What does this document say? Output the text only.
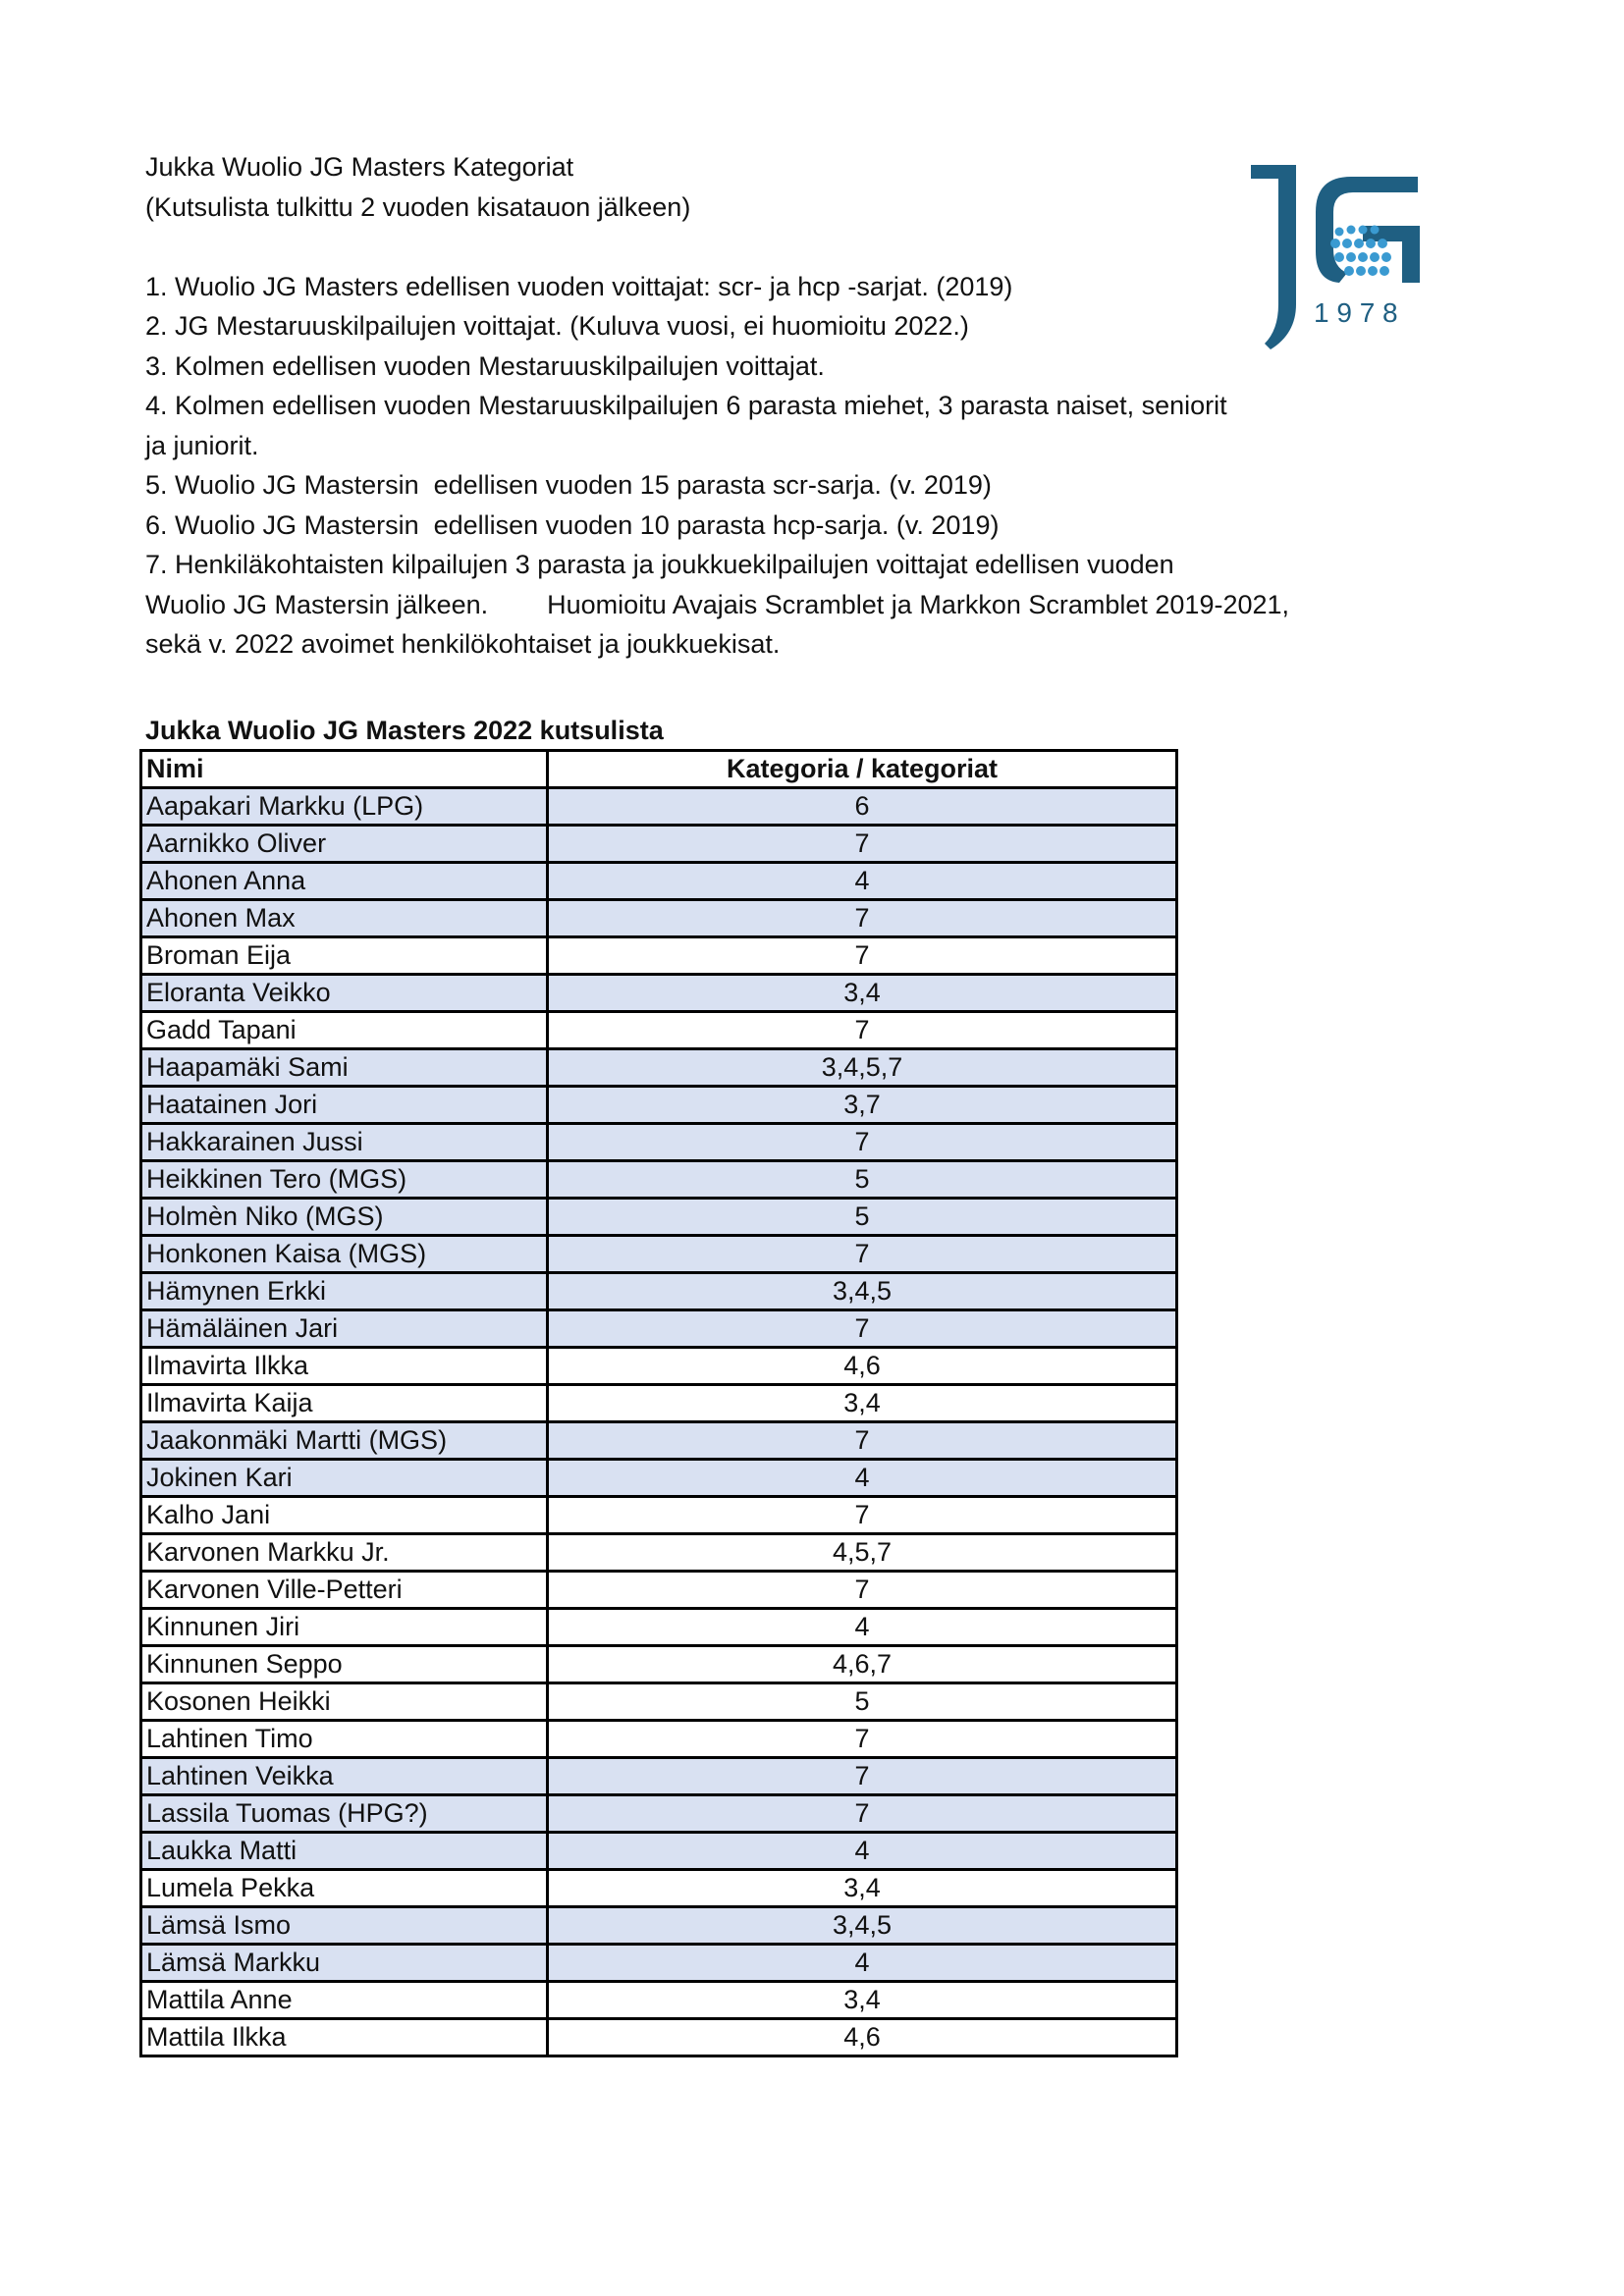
Jukka Wuolio JG Masters Kategoriat
(Kutsulista tulkittu 2 vuoden kisatauon jälkeen)
1. Wuolio JG Masters edellisen vuoden voittajat: scr- ja hcp -sarjat. (2019)
2. JG Mestaruuskilpailujen voittajat. (Kuluva vuosi, ei huomioitu 2022.)
3. Kolmen edellisen vuoden Mestaruuskilpailujen voittajat.
4. Kolmen edellisen vuoden Mestaruuskilpailujen 6 parasta miehet, 3 parasta naiset, seniorit
ja juniorit.
5. Wuolio JG Mastersin  edellisen vuoden 15 parasta scr-sarja. (v. 2019)
6. Wuolio JG Mastersin  edellisen vuoden 10 parasta hcp-sarja. (v. 2019)
7. Henkiläkohtaisten kilpailujen 3 parasta ja joukkuekilpailujen voittajat edellisen vuoden
Wuolio JG Mastersin jälkeen.        Huomioitu Avajais Scramblet ja Markkon Scramblet 2019-2021,
sekä v. 2022 avoimet henkilökohtaiset ja joukkuekisat.
1 9 7 8
Jukka Wuolio JG Masters 2022 kutsulista
Nimi	Kategoria / kategoriat
Aapakari Markku (LPG)	6
Aarnikko Oliver	7
Ahonen Anna	4
Ahonen Max	7
Broman Eija	7
Eloranta Veikko	3,4
Gadd Tapani	7
Haapamäki Sami	3,4,5,7
Haatainen Jori	3,7
Hakkarainen Jussi	7
Heikkinen Tero (MGS)	5
Holmèn Niko (MGS)	5
Honkonen Kaisa (MGS)	7
Hämynen Erkki	3,4,5
Hämäläinen Jari	7
Ilmavirta Ilkka	4,6
Ilmavirta Kaija	3,4
Jaakonmäki Martti (MGS)	7
Jokinen Kari	4
Kalho Jani	7
Karvonen Markku Jr.	4,5,7
Karvonen Ville-Petteri	7
Kinnunen Jiri	4
Kinnunen Seppo	4,6,7
Kosonen Heikki	5
Lahtinen Timo	7
Lahtinen Veikka	7
Lassila Tuomas (HPG?)	7
Laukka Matti	4
Lumela Pekka	3,4
Lämsä Ismo	3,4,5
Lämsä Markku	4
Mattila Anne	3,4
Mattila Ilkka	4,6
